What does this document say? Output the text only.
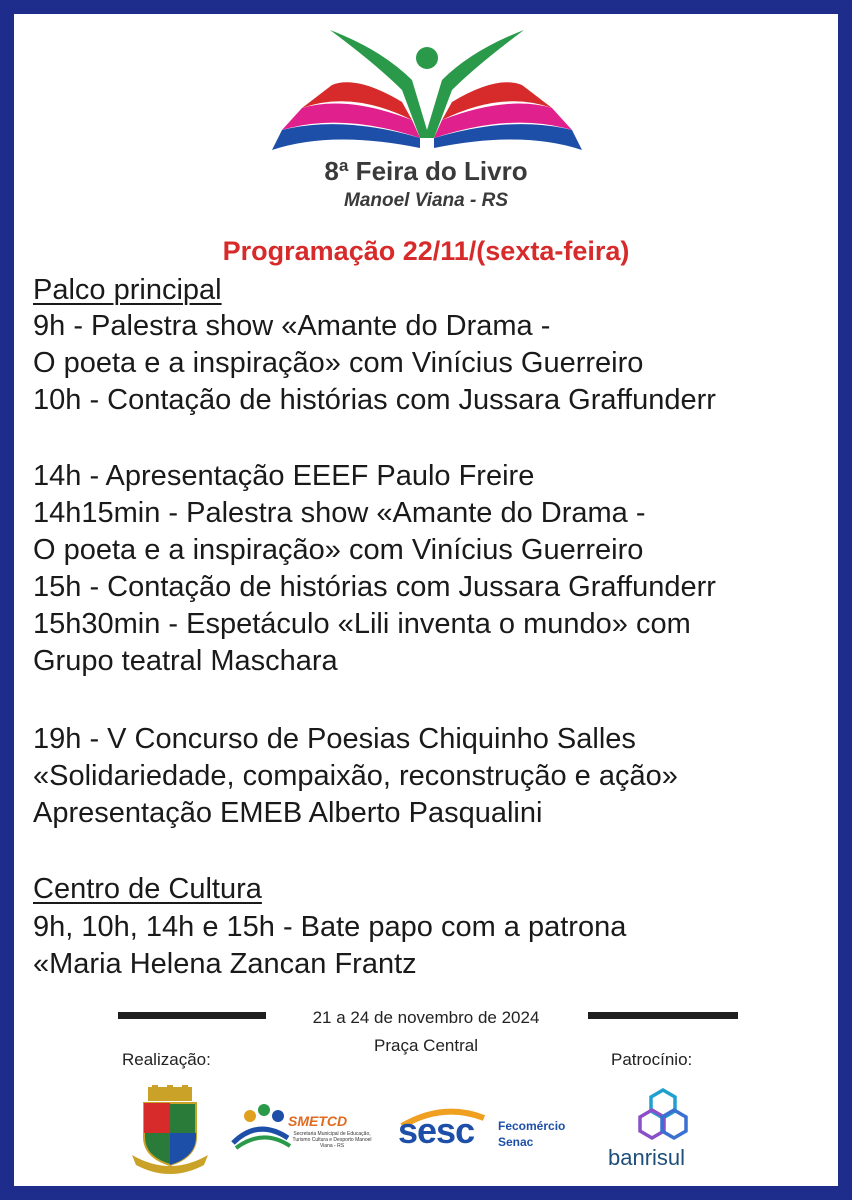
8ª Feira do Livro
Manoel Viana - RS
Programação 22/11/(sexta-feira)
Palco principal
9h - Palestra show «Amante do Drama -
O poeta e a inspiração» com Vinícius Guerreiro
10h - Contação de histórias com Jussara Graffunderr
14h - Apresentação EEEF Paulo Freire
14h15min - Palestra show «Amante do Drama -
O poeta e a inspiração» com Vinícius Guerreiro
15h - Contação de histórias com Jussara Graffunderr
15h30min - Espetáculo «Lili inventa o mundo» com
Grupo teatral Maschara
19h - V Concurso de Poesias Chiquinho Salles
«Solidariedade, compaixão, reconstrução e ação»
Apresentação EMEB Alberto Pasqualini
Centro de Cultura
9h, 10h, 14h e 15h - Bate papo com a patrona
«Maria Helena Zancan Frantz
21 a 24 de novembro de 2024
Praça Central
Realização:	Patrocínio:
SMETCD
Secretaria Municipal de Educação, Turismo Cultura e Desporto Manoel Viana - RS	sesc Fecomércio
Senac
banrisul
